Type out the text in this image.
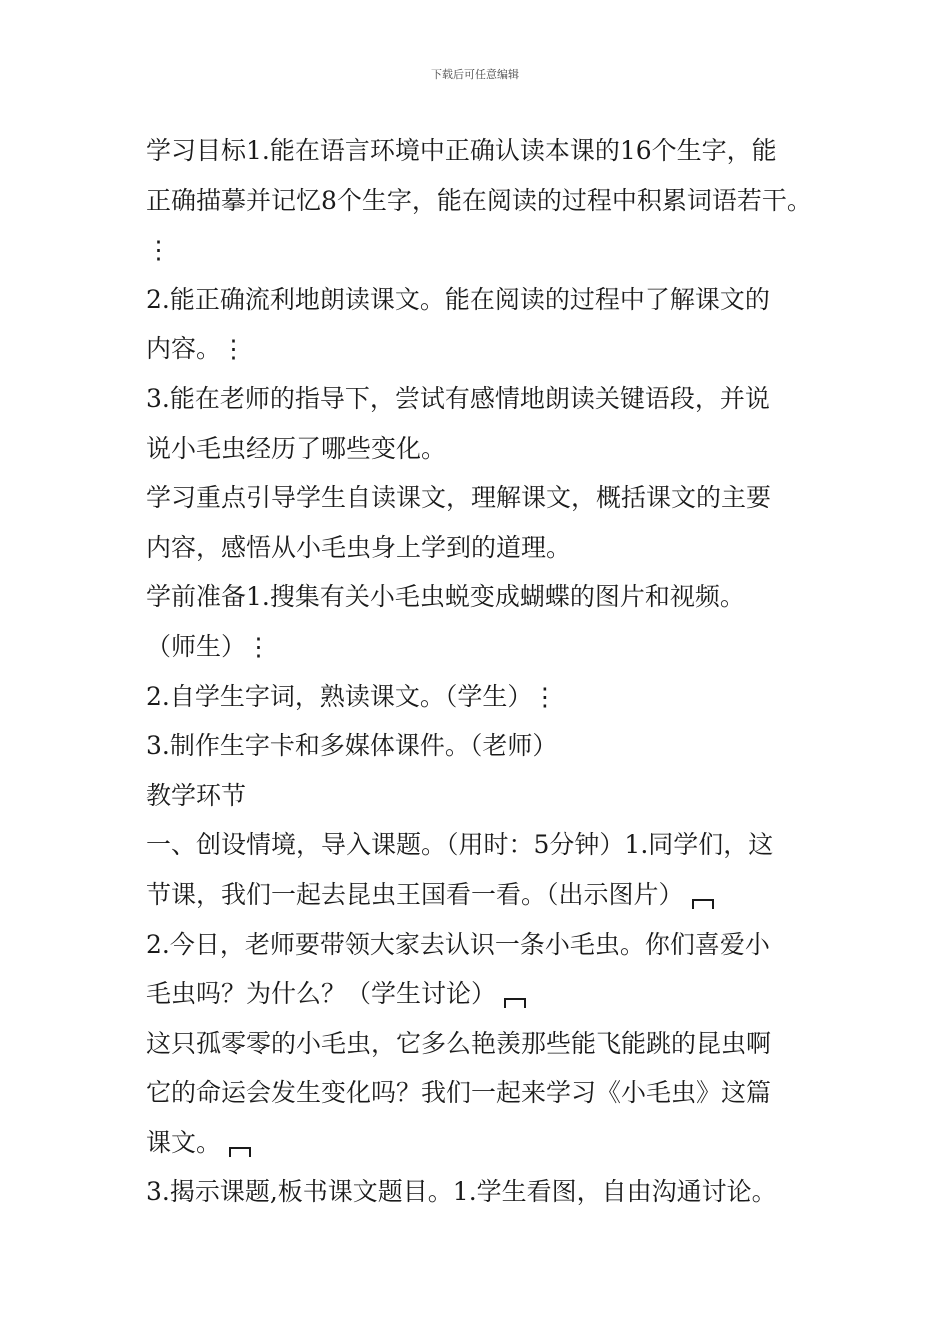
下载后可任意编辑
学习目标1.能在语言环境中正确认读本课的16个生字，能
正确描摹并记忆8个生字，能在阅读的过程中积累词语若干。
⋮
2.能正确流利地朗读课文。能在阅读的过程中了解课文的
内容。⋮
3.能在老师的指导下，尝试有感情地朗读关键语段，并说
说小毛虫经历了哪些变化。
学习重点引导学生自读课文，理解课文，概括课文的主要
内容，感悟从小毛虫身上学到的道理。
学前准备1.搜集有关小毛虫蜕变成蝴蝶的图片和视频。
（师生）⋮
2.自学生字词，熟读课文。（学生）⋮
3.制作生字卡和多媒体课件。（老师）
教学环节
一、创设情境，导入课题。（用时：5分钟）1.同学们，这
节课，我们一起去昆虫王国看一看。（出示图片）
2.今日，老师要带领大家去认识一条小毛虫。你们喜爱小
毛虫吗？为什么？（学生讨论）
这只孤零零的小毛虫，它多么艳羡那些能飞能跳的昆虫啊
它的命运会发生变化吗？我们一起来学习《小毛虫》这篇
课文。
3.揭示课题,板书课文题目。1.学生看图，自由沟通讨论。
